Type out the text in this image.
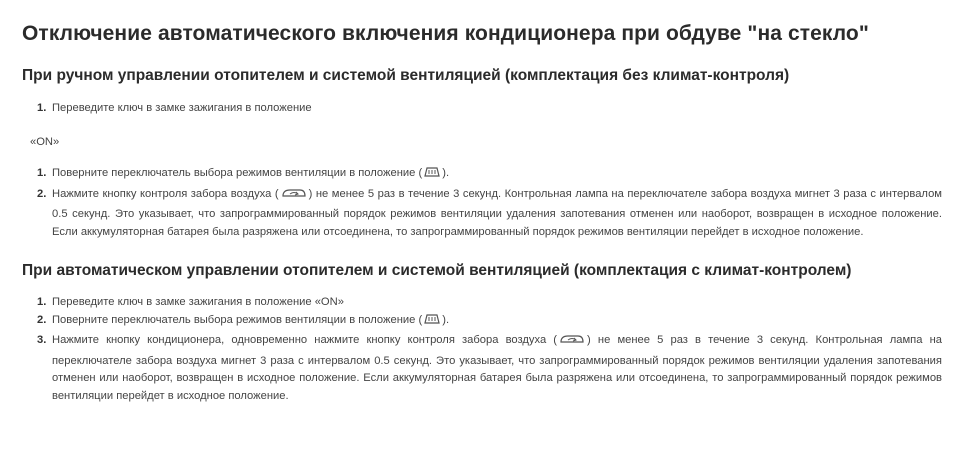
Отключение автоматического включения кондиционера при обдуве "на стекло"
При ручном управлении отопителем и системой вентиляцией (комплектация без климат-контроля)
1. Переведите ключ в замке зажигания в положение

«ON»

1. Поверните переключатель выбора режимов вентиляции в положение ( ).
2. Нажмите кнопку контроля забора воздуха (	) не менее 5 раз в течение 3 секунд. Контрольная лампа на переключателе забора воздуха мигнет 3 раза с интервалом 0.5 секунд. Это указывает, что запрограммированный порядок режимов вентиляции удаления запотевания отменен или наоборот, возвращен в исходное положение. Если аккумуляторная батарея была разряжена или отсоединена, то запрограммированный порядок режимов вентиляции перейдет в исходное положение.
При автоматическом управлении отопителем и системой вентиляцией (комплектация с климат-контролем)
1. Переведите ключ в замке зажигания в положение «ON»
2. Поверните переключатель выбора режимов вентиляции в положение ( ).
3. Нажмите кнопку кондиционера, одновременно нажмите кнопку контроля забора воздуха (	) не менее 5 раз в течение 3 секунд. Контрольная лампа на переключателе забора воздуха мигнет 3 раза с интервалом 0.5 секунд. Это указывает, что запрограммированный порядок режимов вентиляции удаления запотевания отменен или наоборот, возвращен в исходное положение. Если аккумуляторная батарея была разряжена или отсоединена, то запрограммированный порядок режимов вентиляции перейдет в исходное положение.
